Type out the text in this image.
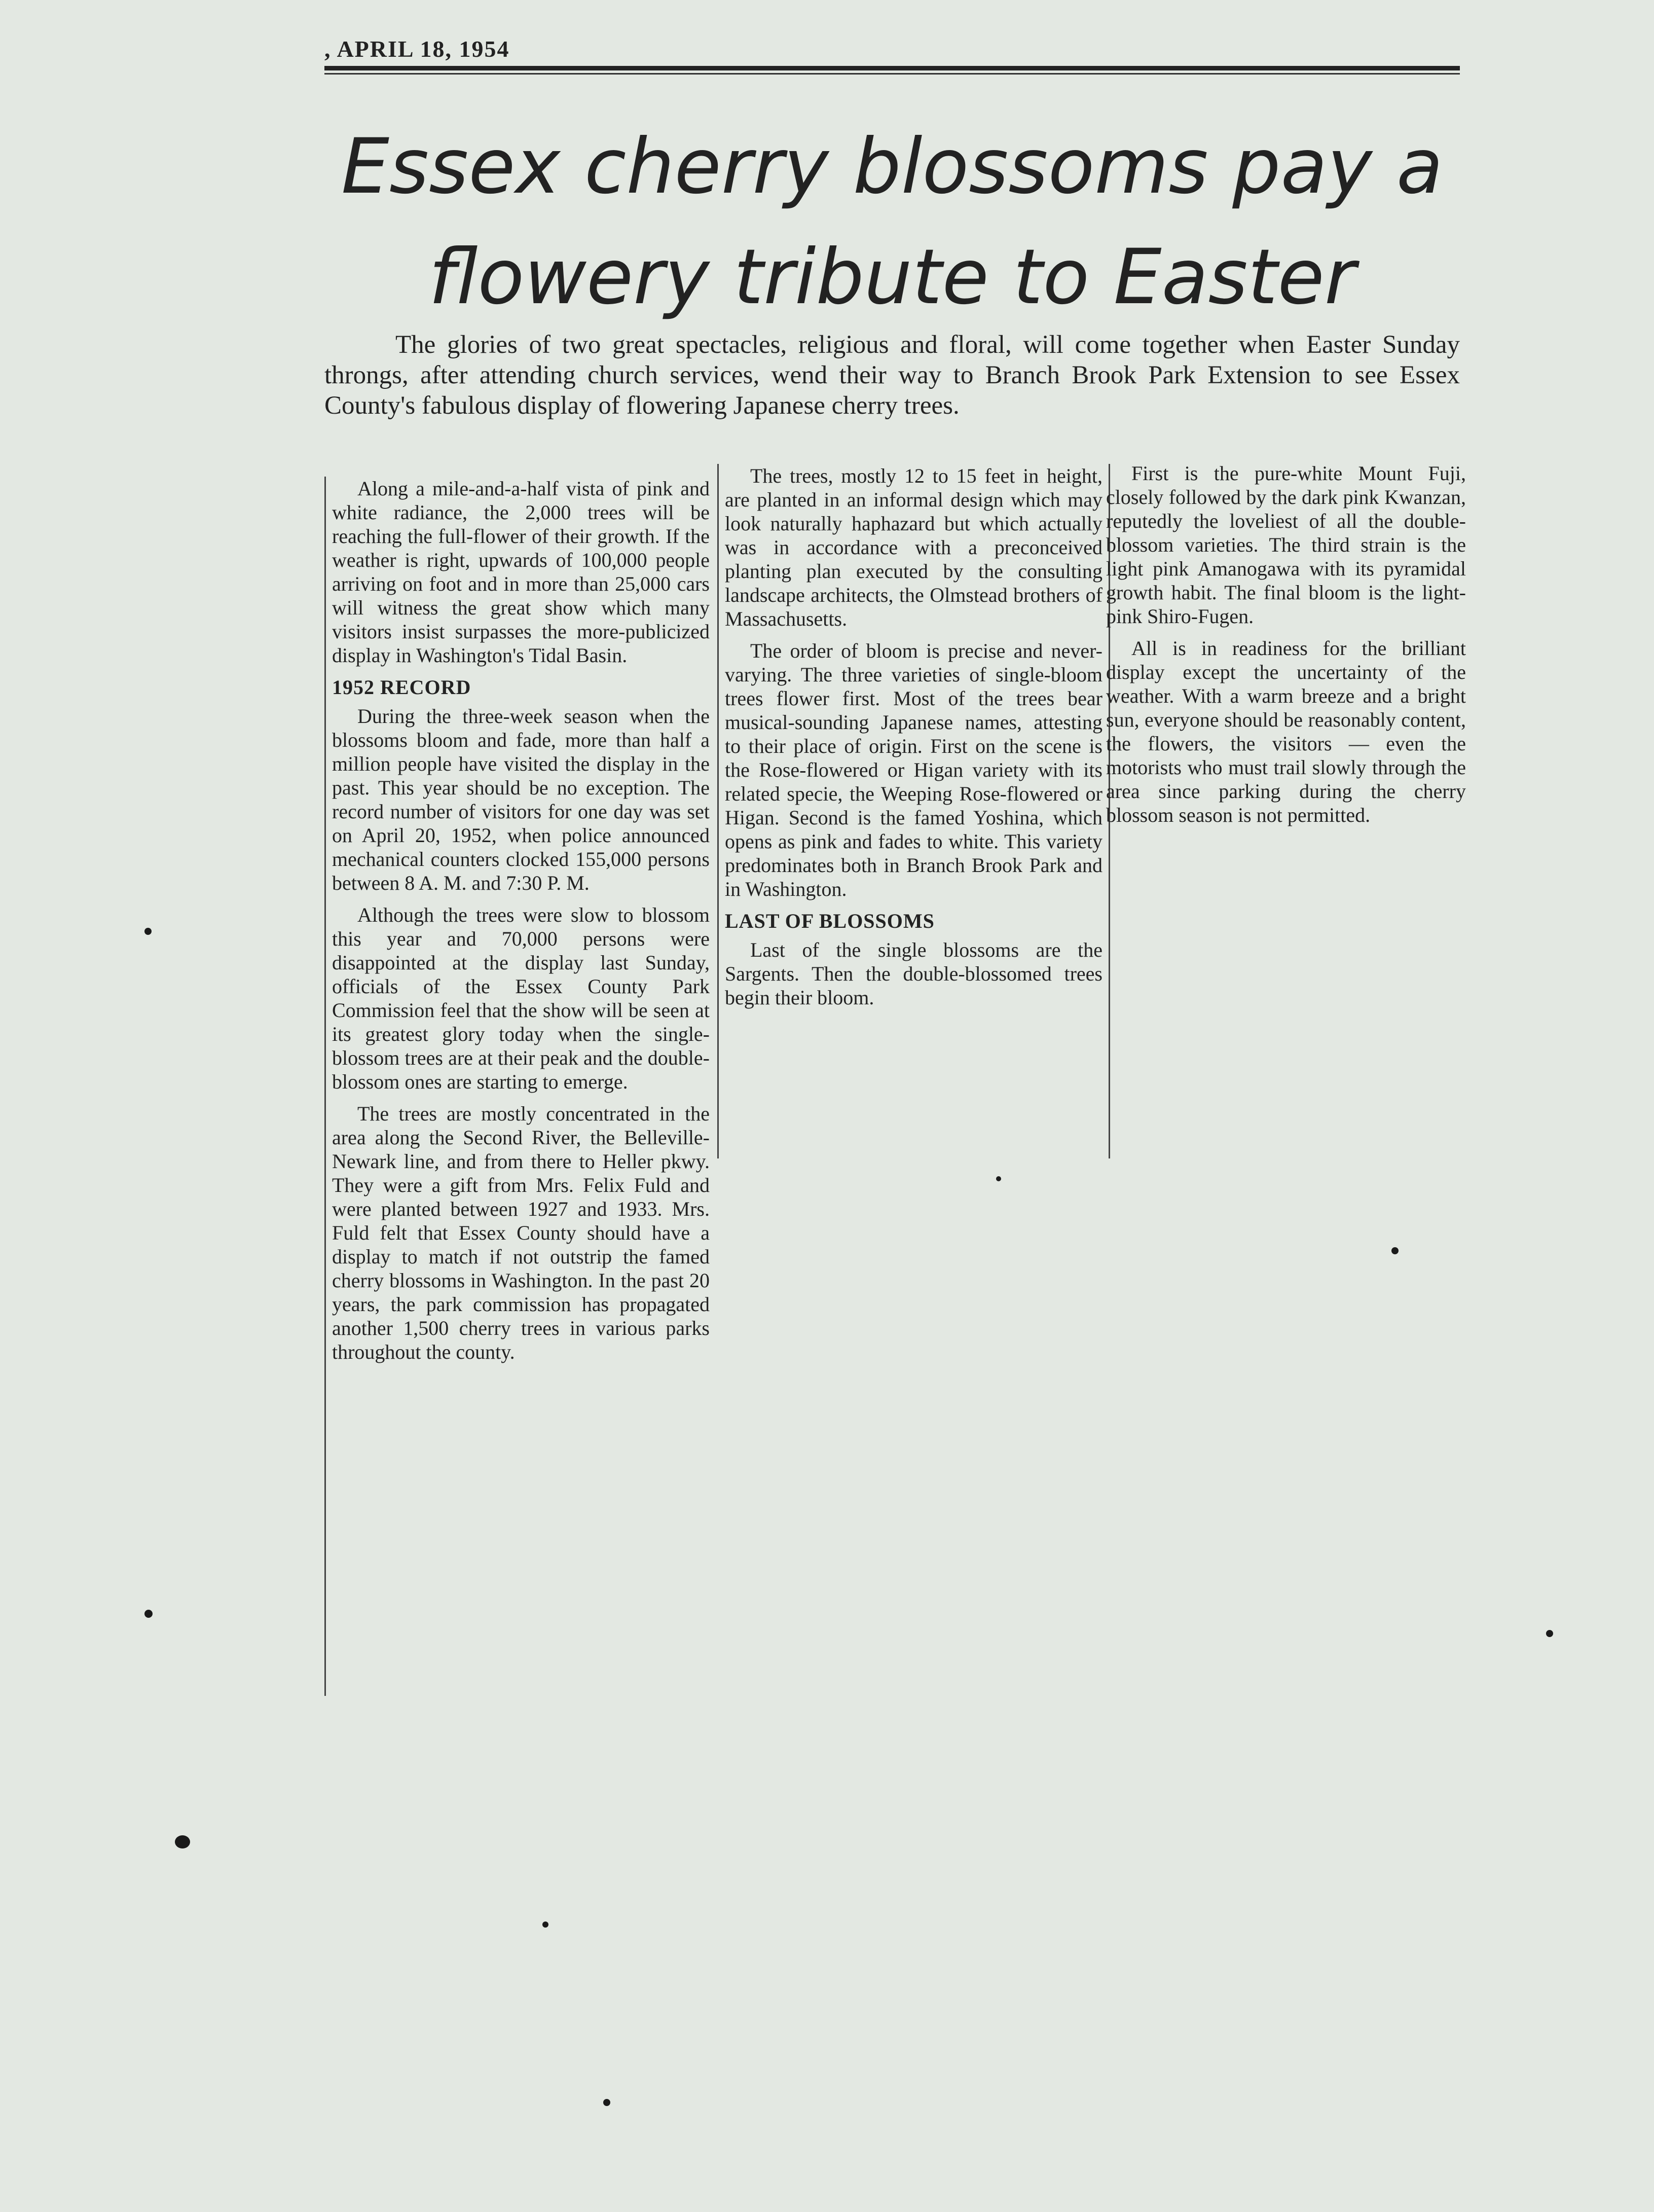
, APRIL 18, 1954
Essex cherry blossoms pay a flowery tribute to Easter
The glories of two great spectacles, religious and floral, will come together when Easter Sunday throngs, after attending church services, wend their way to Branch Brook Park Extension to see Essex County's fabulous display of flowering Japanese cherry trees.

Along a mile-and-a-half vista of pink and white radiance, the 2,000 trees will be reaching the full-flower of their growth. If the weather is right, upwards of 100,000 people arriving on foot and in more than 25,000 cars will witness the great show which many visitors insist surpasses the more-publicized display in Washington's Tidal Basin.

1952 RECORD

During the three-week season when the blossoms bloom and fade, more than half a million people have visited the display in the past. This year should be no exception. The record number of visitors for one day was set on April 20, 1952, when police announced mechanical counters clocked 155,000 persons between 8 A. M. and 7:30 P. M.

Although the trees were slow to blossom this year and 70,000 persons were disappointed at the display last Sunday, officials of the Essex County Park Commission feel that the show will be seen at its greatest glory today when the single-blossom trees are at their peak and the double-blossom ones are starting to emerge.

The trees are mostly concentrated in the area along the Second River, the Belleville-Newark line, and from there to Heller pkwy. They were a gift from Mrs. Felix Fuld and were planted between 1927 and 1933. Mrs. Fuld felt that Essex County should have a display to match if not outstrip the famed cherry blossoms in Washington. In the past 20 years, the park commission has propagated another 1,500 cherry trees in various parks throughout the county.

The trees, mostly 12 to 15 feet in height, are planted in an informal design which may look naturally haphazard but which actually was in accordance with a preconceived planting plan executed by the consulting landscape architects, the Olmstead brothers of Massachusetts.

The order of bloom is precise and never-varying. The three varieties of single-bloom trees flower first. Most of the trees bear musical-sounding Japanese names, attesting to their place of origin. First on the scene is the Rose-flowered or Higan variety with its related specie, the Weeping Rose-flowered or Higan. Second is the famed Yoshina, which opens as pink and fades to white. This variety predominates both in Branch Brook Park and in Washington.

LAST OF BLOSSOMS

Last of the single blossoms are the Sargents. Then the double-blossomed trees begin their bloom.

First is the pure-white Mount Fuji, closely followed by the dark pink Kwanzan, reputedly the loveliest of all the double-blossom varieties. The third strain is the light pink Amanogawa with its pyramidal growth habit. The final bloom is the light-pink Shiro-Fugen.

All is in readiness for the brilliant display except the uncertainty of the weather. With a warm breeze and a bright sun, everyone should be reasonably content, the flowers, the visitors — even the motorists who must trail slowly through the area since parking during the cherry blossom season is not permitted.
